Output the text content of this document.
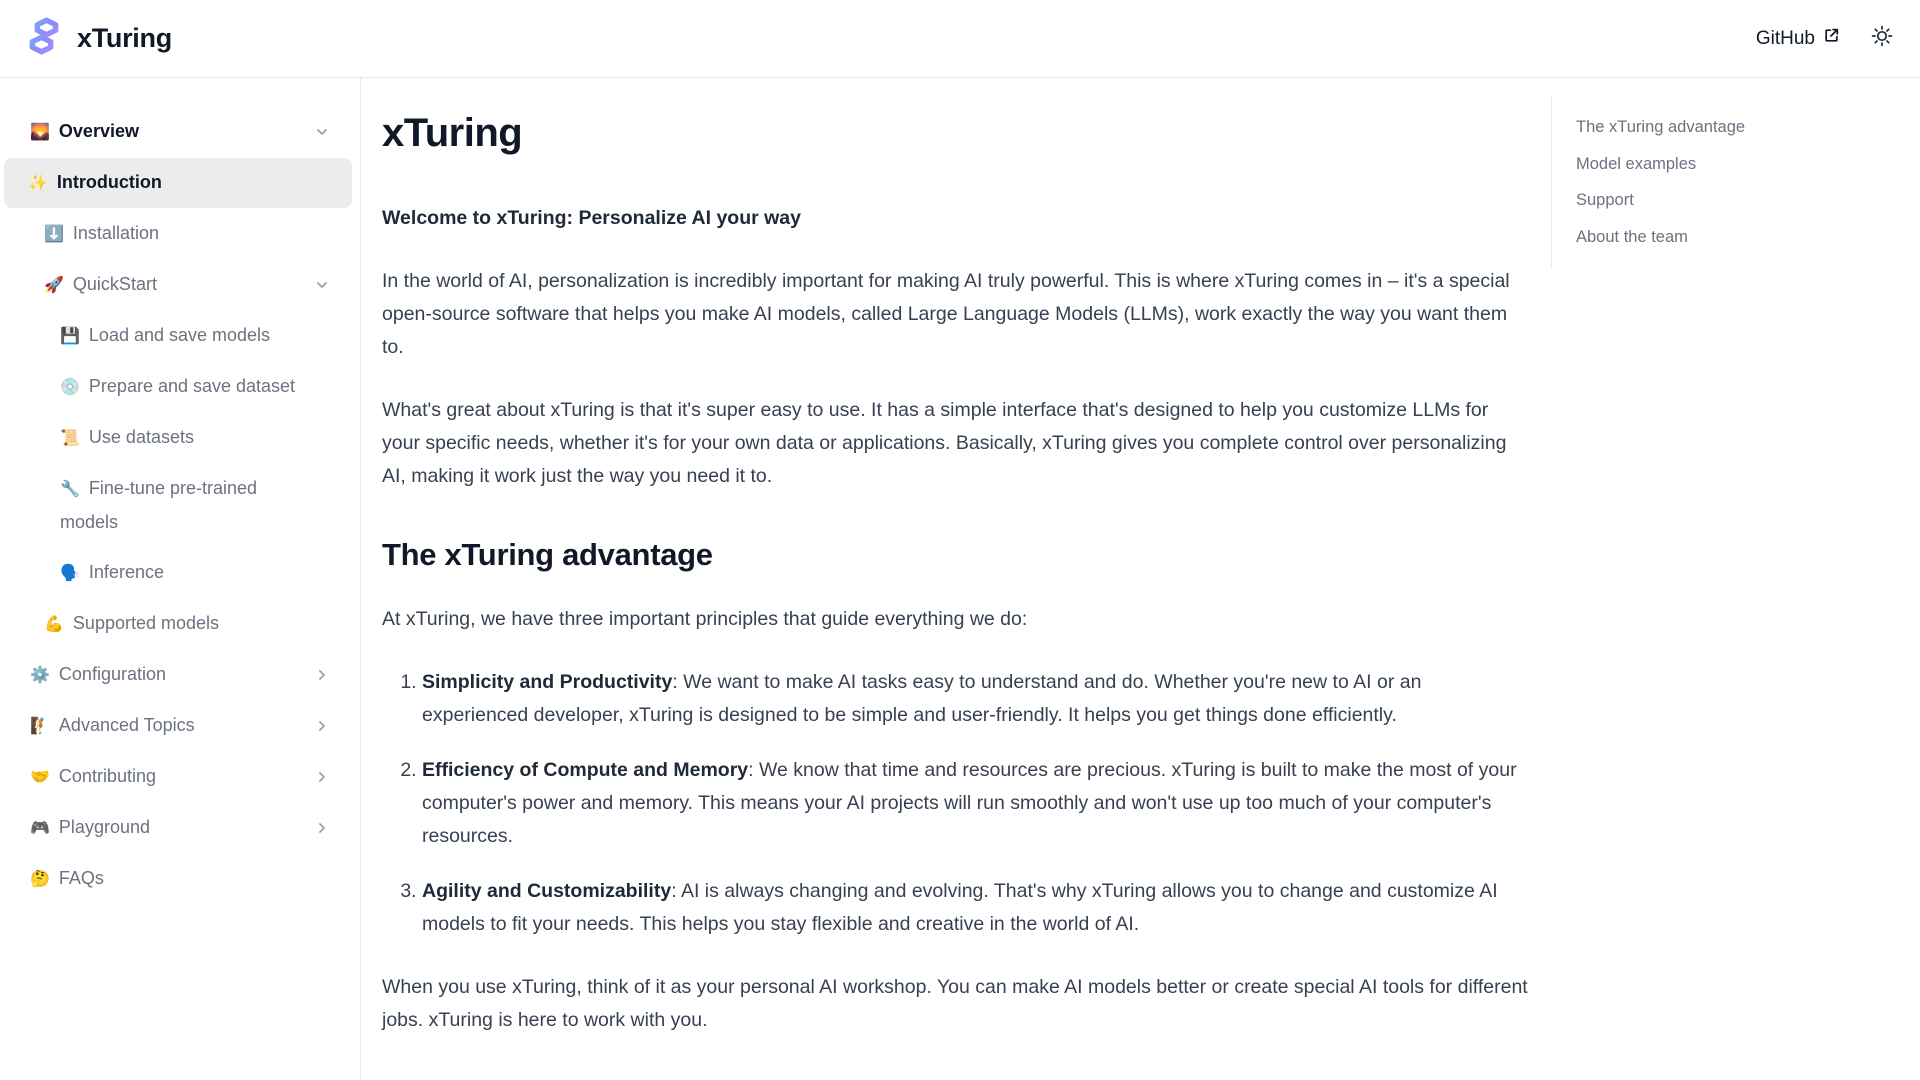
xTuring	GitHub
🌄 Overview
✨ Introduction
⬇️ Installation
🚀 QuickStart
💾 Load and save models
💿 Prepare and save dataset
📜 Use datasets
🔧 Fine-tune pre-trained models
🗣️ Inference
💪 Supported models
⚙️ Configuration
🧗 Advanced Topics
🤝 Contributing
🎮 Playground
🤔 FAQs
xTuring

Welcome to xTuring: Personalize AI your way

In the world of AI, personalization is incredibly important for making AI truly powerful. This is where xTuring comes in – it's a special open-source software that helps you make AI models, called Large Language Models (LLMs), work exactly the way you want them to.

What's great about xTuring is that it's super easy to use. It has a simple interface that's designed to help you customize LLMs for your specific needs, whether it's for your own data or applications. Basically, xTuring gives you complete control over personalizing AI, making it work just the way you need it to.

The xTuring advantage

At xTuring, we have three important principles that guide everything we do:

1. Simplicity and Productivity: We want to make AI tasks easy to understand and do. Whether you're new to AI or an experienced developer, xTuring is designed to be simple and user-friendly. It helps you get things done efficiently.
2. Efficiency of Compute and Memory: We know that time and resources are precious. xTuring is built to make the most of your computer's power and memory. This means your AI projects will run smoothly and won't use up too much of your computer's resources.
3. Agility and Customizability: AI is always changing and evolving. That's why xTuring allows you to change and customize AI models to fit your needs. This helps you stay flexible and creative in the world of AI.

When you use xTuring, think of it as your personal AI workshop. You can make AI models better or create special AI tools for different jobs. xTuring is here to work with you.

The xTuring advantage
Model examples
Support
About the team
